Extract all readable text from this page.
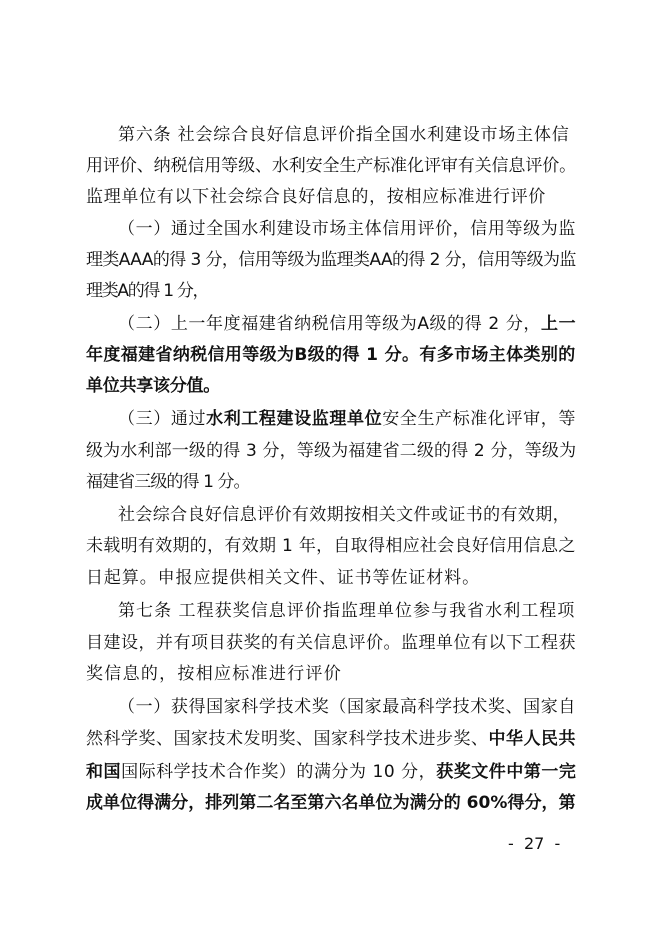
第六条 社会综合良好信息评价指全国水利建设市场主体信
用评价、纳税信用等级、水利安全生产标准化评审有关信息评价。
监理单位有以下社会综合良好信息的，按相应标准进行评价
（一）通过全国水利建设市场主体信用评价，信用等级为监
理类AAA的得 3 分，信用等级为监理类AA的得 2 分，信用等级为监
理类A的得 1 分，
（二）上一年度福建省纳税信用等级为A级的得 2 分，上一
年度福建省纳税信用等级为B级的得 1 分。有多市场主体类别的
单位共享该分值。
（三）通过水利工程建设监理单位安全生产标准化评审，等
级为水利部一级的得 3 分，等级为福建省二级的得 2 分，等级为
福建省三级的得 1 分。
社会综合良好信息评价有效期按相关文件或证书的有效期，
未载明有效期的，有效期 1 年，自取得相应社会良好信用信息之
日起算。申报应提供相关文件、证书等佐证材料。
第七条 工程获奖信息评价指监理单位参与我省水利工程项
目建设，并有项目获奖的有关信息评价。监理单位有以下工程获
奖信息的，按相应标准进行评价
（一）获得国家科学技术奖（国家最高科学技术奖、国家自
然科学奖、国家技术发明奖、国家科学技术进步奖、中华人民共
和国国际科学技术合作奖）的满分为 10 分，获奖文件中第一完
成单位得满分，排列第二名至第六名单位为满分的 60%得分，第
-  27  -
